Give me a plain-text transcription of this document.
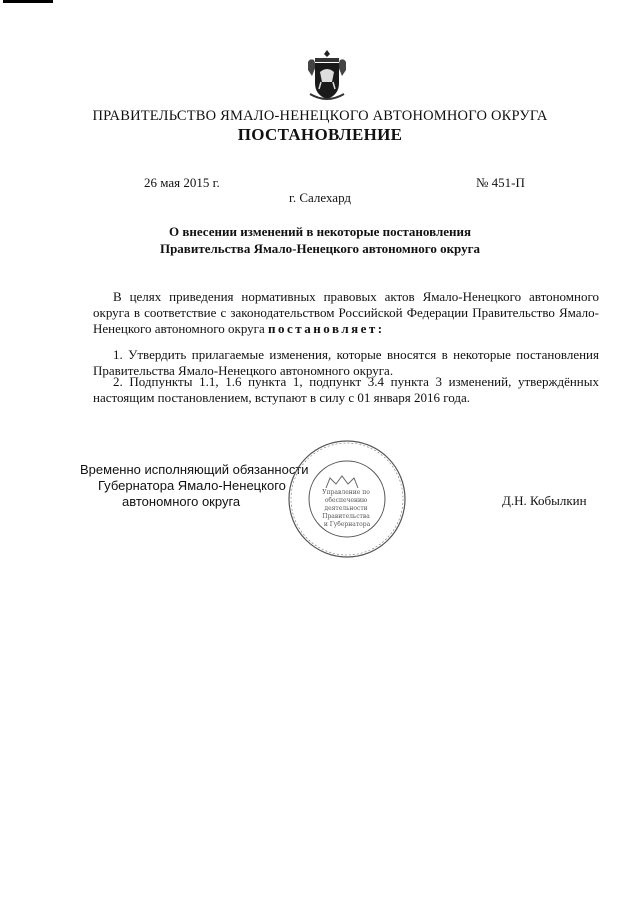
ПРАВИТЕЛЬСТВО ЯМАЛО-НЕНЕЦКОГО АВТОНОМНОГО ОКРУГА
ПОСТАНОВЛЕНИЕ
26 мая 2015 г.	№ 451-П
г. Салехард
О внесении изменений в некоторые постановления
Правительства Ямало-Ненецкого автономного округа

В целях приведения нормативных правовых актов Ямало-Ненецкого автономного округа в соответствие с законодательством Российской Федерации Правительство Ямало-Ненецкого автономного округа постановляет:

1. Утвердить прилагаемые изменения, которые вносятся в некоторые постановления Правительства Ямало-Ненецкого автономного округа.

2. Подпункты 1.1, 1.6 пункта 1, подпункт 3.4 пункта 3 изменений, утверждённых настоящим постановлением, вступают в силу с 01 января 2016 года.

Временно исполняющий обязанности
Губернатора Ямало-Ненецкого
автономного округа	Д.Н. Кобылкин
Управление по обеспечению деятельности Правительства и Губернатора
